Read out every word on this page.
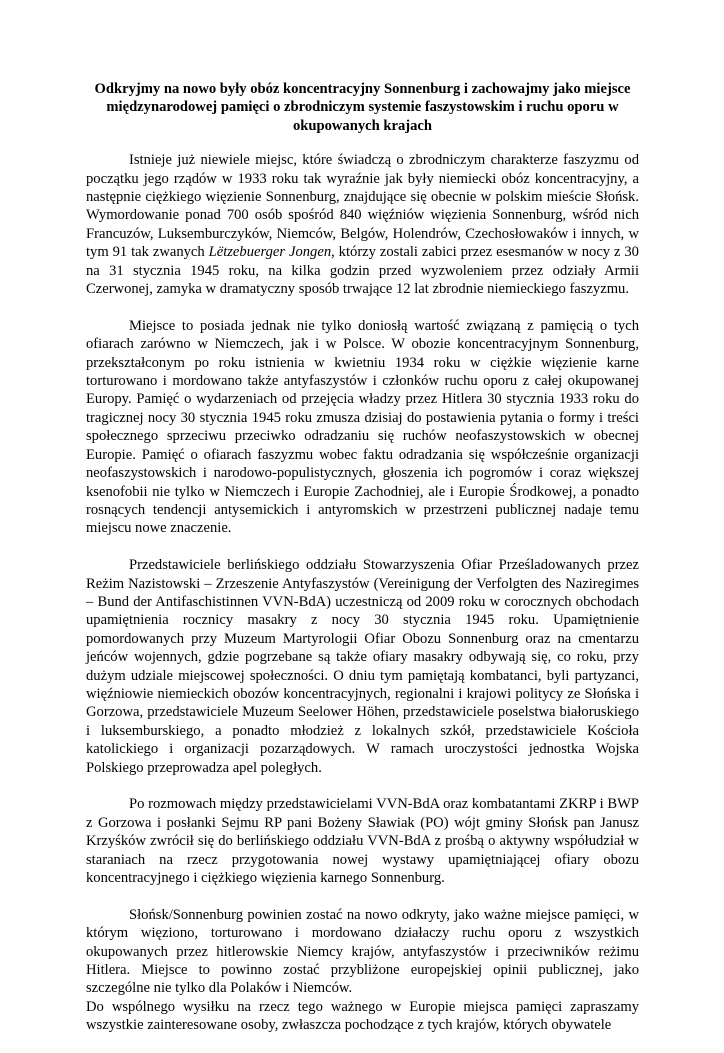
Odkryjmy na nowo były obóz koncentracyjny Sonnenburg i zachowajmy jako miejsce międzynarodowej pamięci o zbrodniczym systemie faszystowskim i ruchu oporu w okupowanych krajach

Istnieje już niewiele miejsc, które świadczą o zbrodniczym charakterze faszyzmu od początku jego rządów w 1933 roku tak wyraźnie jak były niemiecki obóz koncentracyjny, a następnie ciężkiego więzienie Sonnenburg, znajdujące się obecnie w polskim mieście Słońsk. Wymordowanie ponad 700 osób spośród 840 więźniów więzienia Sonnenburg, wśród nich Francuzów, Luksemburczyków, Niemców, Belgów, Holendrów, Czechosłowaków i innych, w tym 91 tak zwanych Lëtzebuerger Jongen, którzy zostali zabici przez esesmanów w nocy z 30 na 31 stycznia 1945 roku, na kilka godzin przed wyzwoleniem przez odziały Armii Czerwonej, zamyka w dramatyczny sposób trwające 12 lat zbrodnie niemieckiego faszyzmu.

Miejsce to posiada jednak nie tylko doniosłą wartość związaną z pamięcią o tych ofiarach zarówno w Niemczech, jak i w Polsce. W obozie koncentracyjnym Sonnenburg, przekształconym po roku istnienia w kwietniu 1934 roku w ciężkie więzienie karne torturowano i mordowano także antyfaszystów i członków ruchu oporu z całej okupowanej Europy. Pamięć o wydarzeniach od przejęcia władzy przez Hitlera 30 stycznia 1933 roku do tragicznej nocy 30 stycznia 1945 roku zmusza dzisiaj do postawienia pytania o formy i treści społecznego sprzeciwu przeciwko odradzaniu się ruchów neofaszystowskich w obecnej Europie. Pamięć o ofiarach faszyzmu wobec faktu odradzania się współcześnie organizacji neofaszystowskich i narodowo-populistycznych, głoszenia ich pogromów i coraz większej ksenofobii nie tylko w Niemczech i Europie Zachodniej, ale i Europie Środkowej, a ponadto rosnących tendencji antysemickich i antyromskich w przestrzeni publicznej nadaje temu miejscu nowe znaczenie.

Przedstawiciele berlińskiego oddziału Stowarzyszenia Ofiar Prześladowanych przez Reżim Nazistowski – Zrzeszenie Antyfaszystów (Vereinigung der Verfolgten des Naziregimes – Bund der Antifaschistinnen VVN-BdA) uczestniczą od 2009 roku w corocznych obchodach upamiętnienia rocznicy masakry z nocy 30 stycznia 1945 roku. Upamiętnienie pomordowanych przy Muzeum Martyrologii Ofiar Obozu Sonnenburg oraz na cmentarzu jeńców wojennych, gdzie pogrzebane są także ofiary masakry odbywają się, co roku, przy dużym udziale miejscowej społeczności. O dniu tym pamiętają kombatanci, byli partyzanci, więźniowie niemieckich obozów koncentracyjnych, regionalni i krajowi politycy ze Słońska i Gorzowa, przedstawiciele Muzeum Seelower Höhen, przedstawiciele poselstwa białoruskiego i luksemburskiego, a ponadto młodzież z lokalnych szkół, przedstawiciele Kościoła katolickiego i organizacji pozarządowych. W ramach uroczystości jednostka Wojska Polskiego przeprowadza apel poległych.

Po rozmowach między przedstawicielami VVN-BdA oraz kombatantami ZKRP i BWP z Gorzowa i posłanki Sejmu RP pani Bożeny Sławiak (PO) wójt gminy Słońsk pan Janusz Krzyśków zwrócił się do berlińskiego oddziału VVN-BdA z prośbą o aktywny współudział w staraniach na rzecz przygotowania nowej wystawy upamiętniającej ofiary obozu koncentracyjnego i ciężkiego więzienia karnego Sonnenburg.

Słońsk/Sonnenburg powinien zostać na nowo odkryty, jako ważne miejsce pamięci, w którym więziono, torturowano i mordowano działaczy ruchu oporu z wszystkich okupowanych przez hitlerowskie Niemcy krajów, antyfaszystów i przeciwników reżimu Hitlera. Miejsce to powinno zostać przybliżone europejskiej opinii publicznej, jako szczególne nie tylko dla Polaków i Niemców.

Do wspólnego wysiłku na rzecz tego ważnego w Europie miejsca pamięci zapraszamy wszystkie zainteresowane osoby, zwłaszcza pochodzące z tych krajów, których obywatele
